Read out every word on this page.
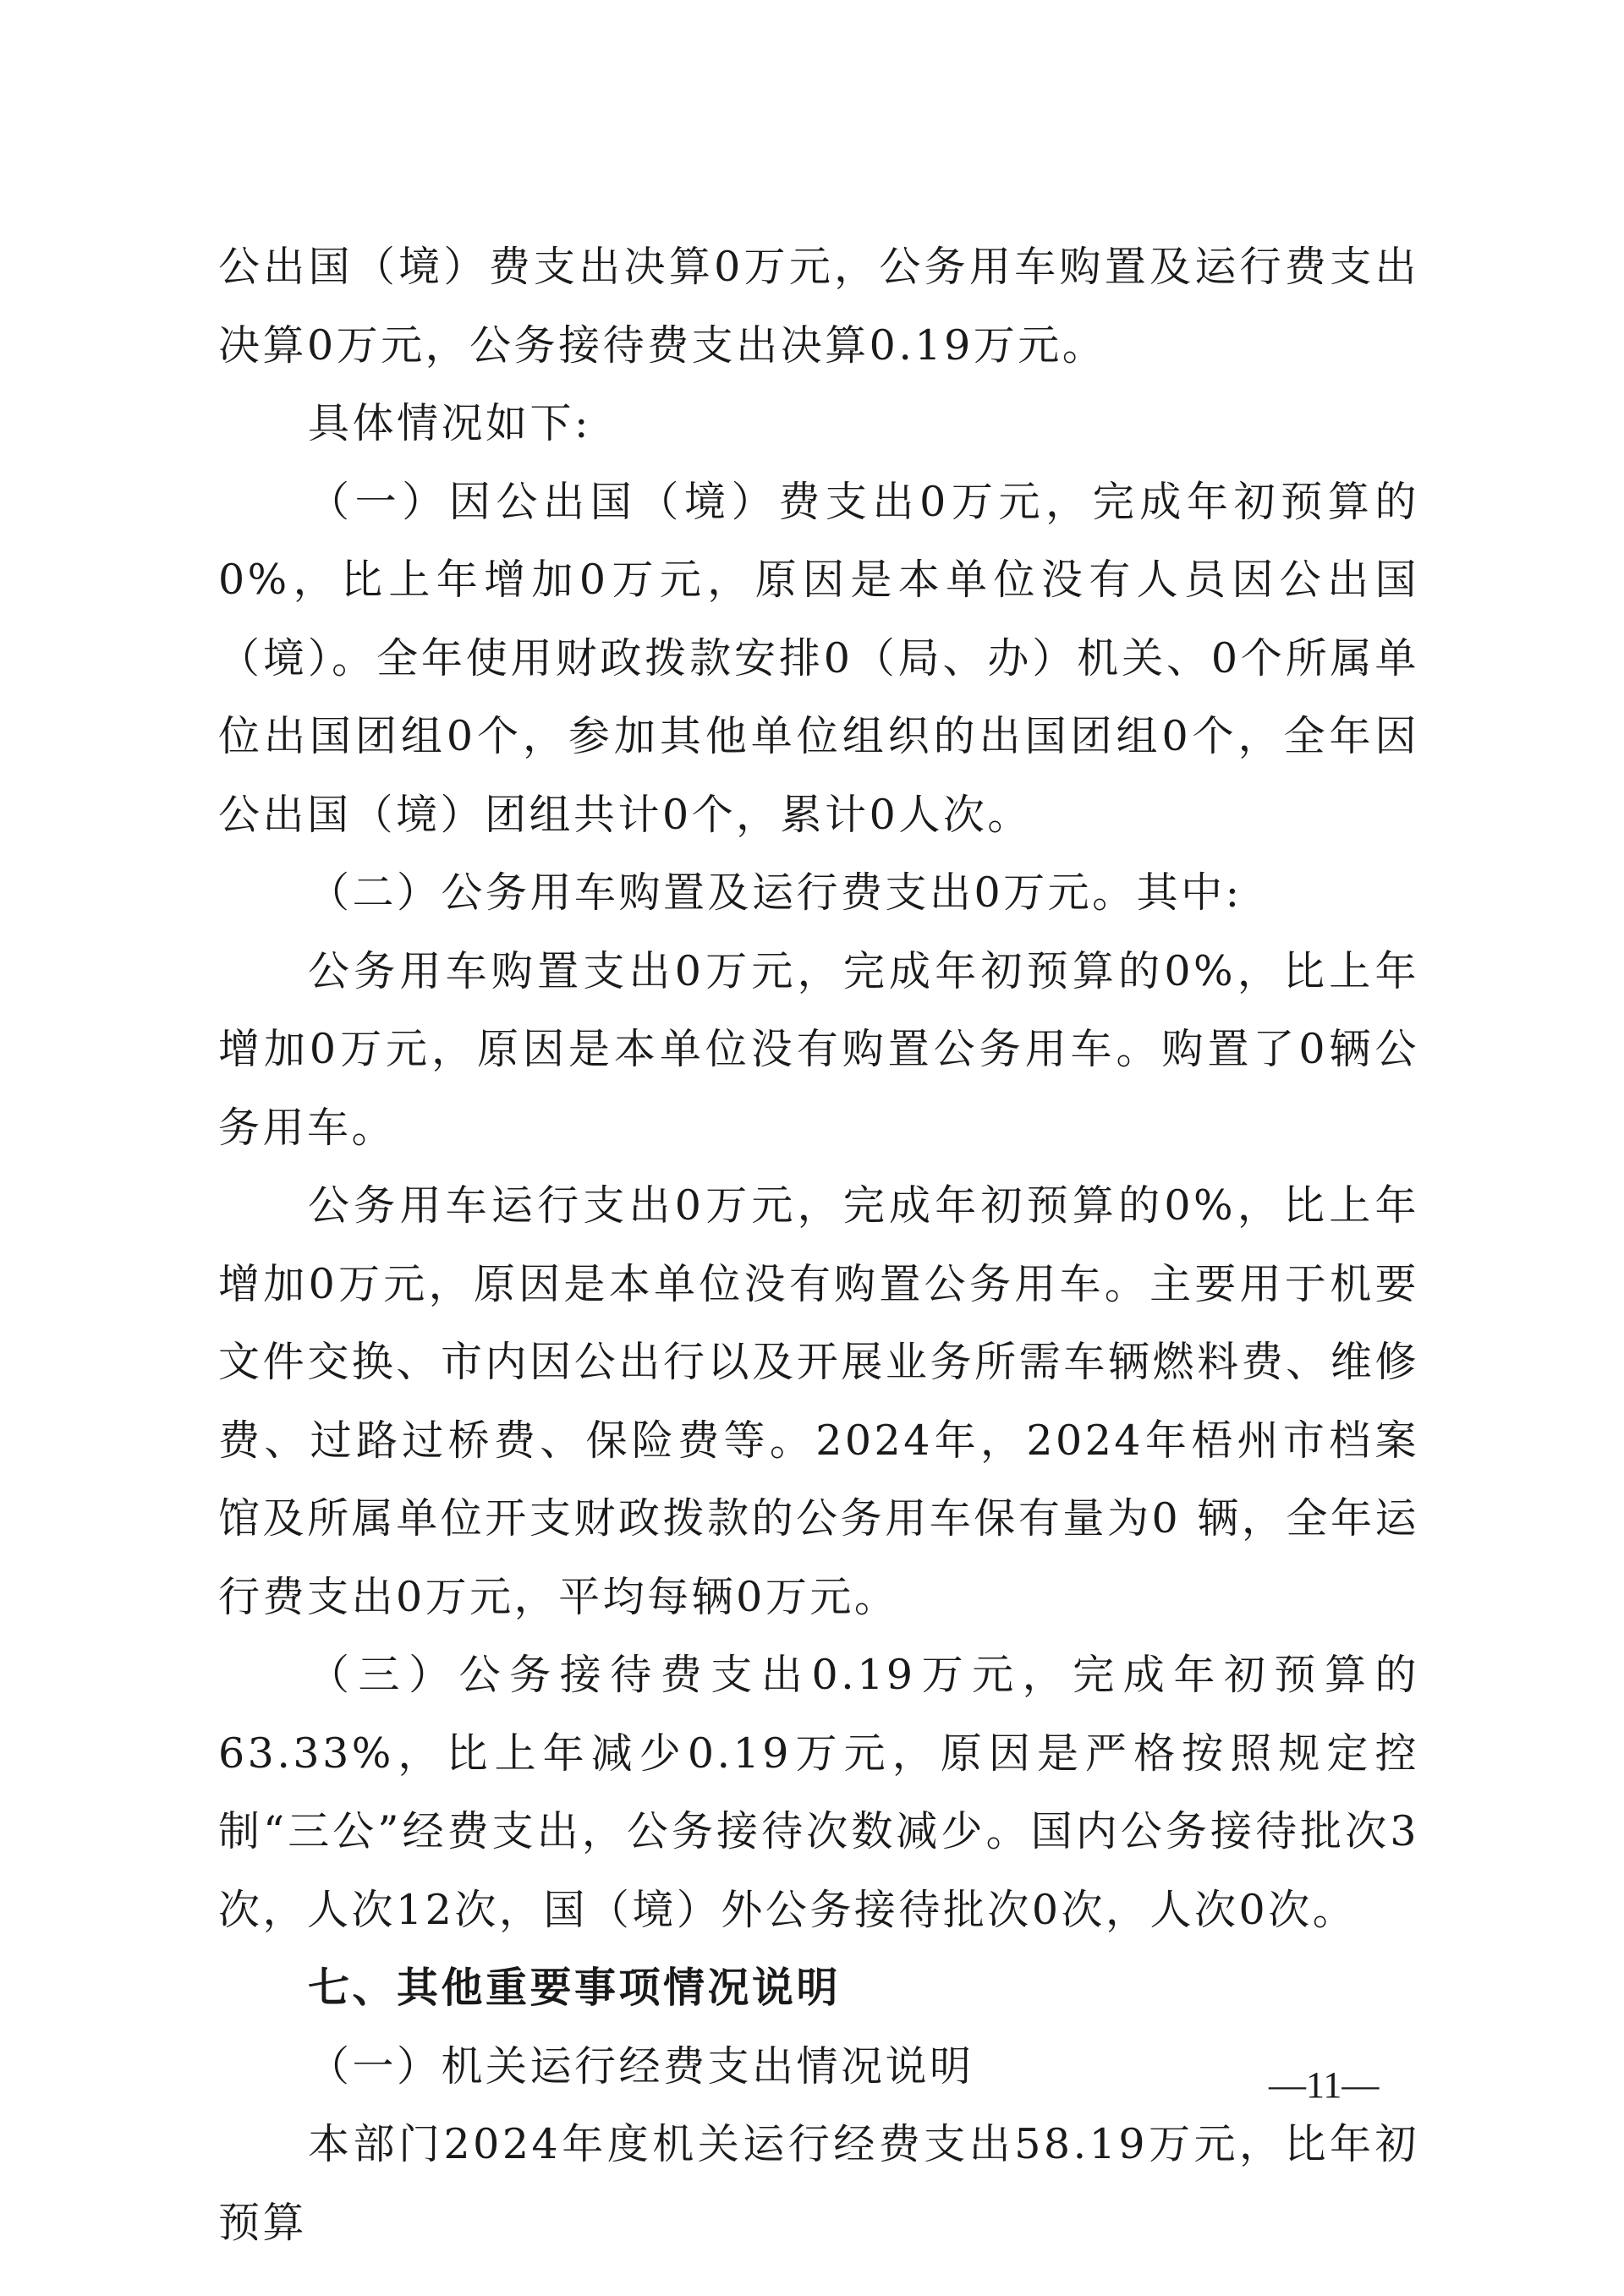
公出国（境）费支出决算0万元，公务用车购置及运行费支出决算0万元，公务接待费支出决算0.19万元。

具体情况如下:

（一）因公出国（境）费支出0万元，完成年初预算的0%，比上年增加0万元，原因是本单位没有人员因公出国（境）。全年使用财政拨款安排0（局、办）机关、0个所属单位出国团组0个，参加其他单位组织的出国团组0个，全年因公出国（境）团组共计0个，累计0人次。

（二）公务用车购置及运行费支出0万元。其中:

公务用车购置支出0万元，完成年初预算的0%，比上年增加0万元，原因是本单位没有购置公务用车。购置了0辆公务用车。

公务用车运行支出0万元，完成年初预算的0%，比上年增加0万元，原因是本单位没有购置公务用车。主要用于机要文件交换、市内因公出行以及开展业务所需车辆燃料费、维修费、过路过桥费、保险费等。2024年，2024年梧州市档案馆及所属单位开支财政拨款的公务用车保有量为0 辆，全年运行费支出0万元，平均每辆0万元。

（三）公务接待费支出0.19万元，完成年初预算的63.33%，比上年减少0.19万元，原因是严格按照规定控制“三公”经费支出，公务接待次数减少。国内公务接待批次3次，人次12次，国（境）外公务接待批次0次，人次0次。

七、其他重要事项情况说明

（一）机关运行经费支出情况说明

本部门2024年度机关运行经费支出58.19万元，比年初预算

—11—
